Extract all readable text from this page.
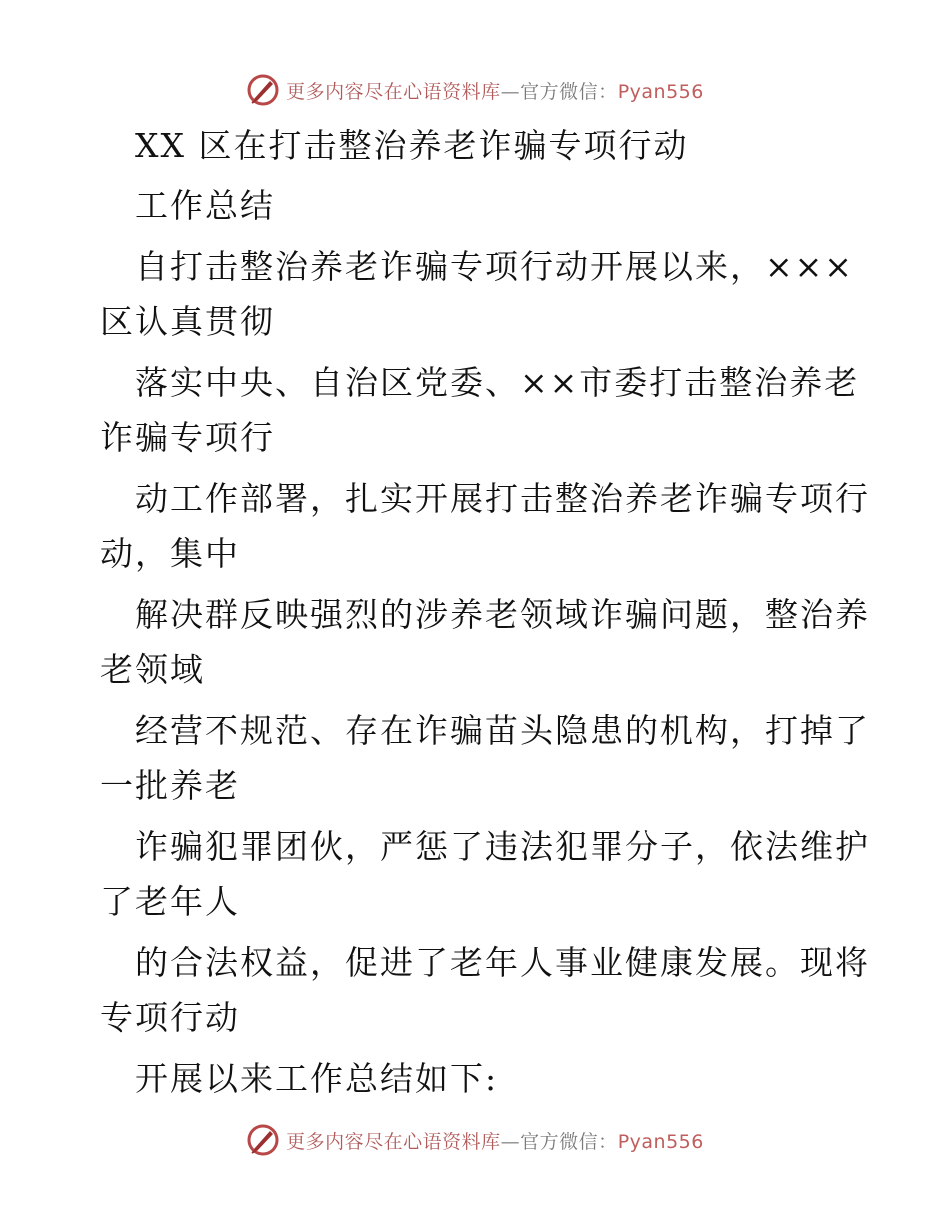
更多内容尽在心语资料库—官方微信：Pyan556
XX 区在打击整治养老诈骗专项行动
工作总结
自打击整治养老诈骗专项行动开展以来，×××
区认真贯彻
落实中央、自治区党委、××市委打击整治养老
诈骗专项行
动工作部署，扎实开展打击整治养老诈骗专项行
动，集中
解决群反映强烈的涉养老领域诈骗问题，整治养
老领域
经营不规范、存在诈骗苗头隐患的机构，打掉了
一批养老
诈骗犯罪团伙，严惩了违法犯罪分子，依法维护
了老年人
的合法权益，促进了老年人事业健康发展。现将
专项行动
开展以来工作总结如下:
更多内容尽在心语资料库—官方微信：Pyan556
